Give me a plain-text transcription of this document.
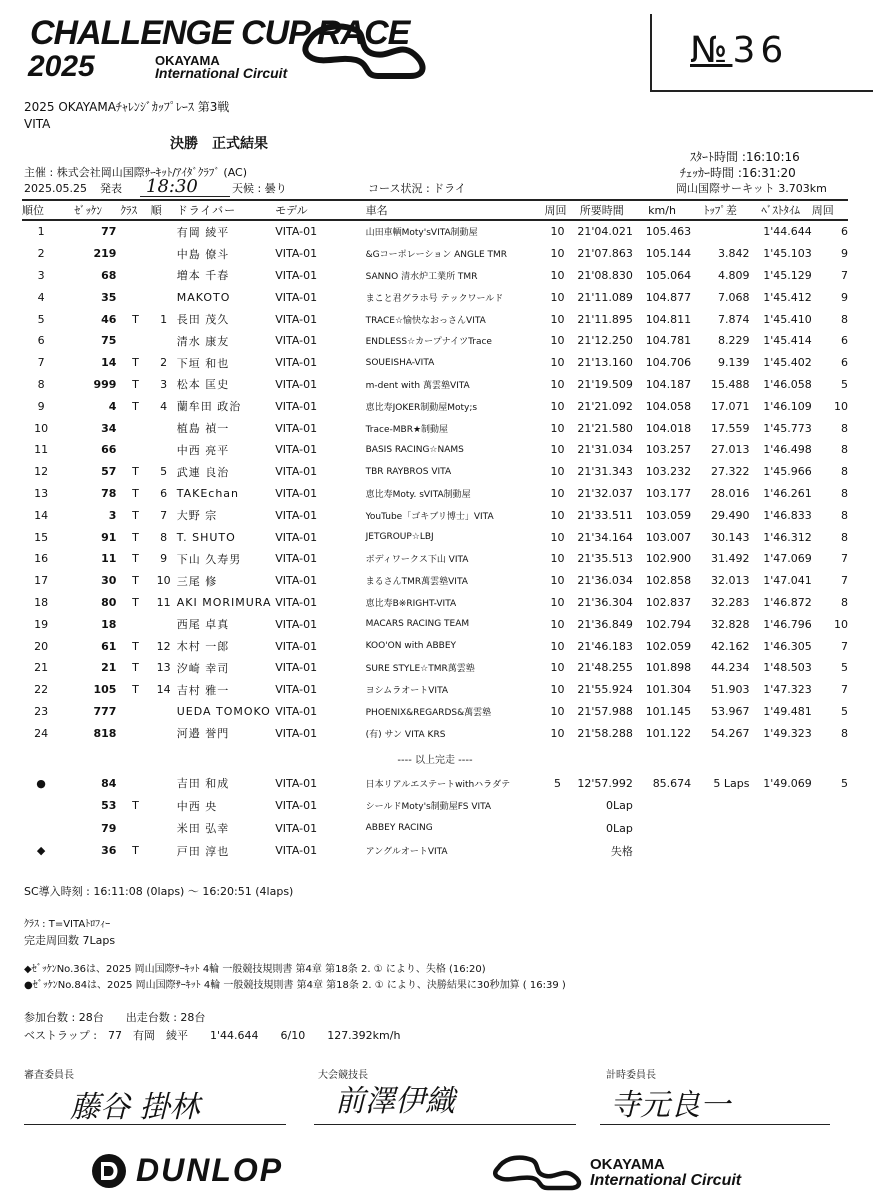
CHALLENGE CUP RACE
2025	OKAYAMA
International Circuit
№36
2025 OKAYAMAﾁｬﾚﾝｼﾞｶｯﾌﾟﾚｰｽ 第3戦
VITA
決勝　正式結果
ｽﾀｰﾄ時間 :16:10:16
ﾁｪｯｶｰ時間 :16:31:20
主催 : 株式会社岡山国際ｻｰｷｯﾄ/ｱｲﾀﾞｸﾗﾌﾞ (AC)
2025.05.25 発表 18:30	天候 : 曇り	コース状況 : ドライ	岡山国際サーキット 3.703km
順位	ｾﾞｯｹﾝ	ｸﾗｽ	順	ドライバー	モデル	車名	周回	所要時間	km/h	ﾄｯﾌﾟ差	ﾍﾞｽﾄﾀｲﾑ	周回
1	77			有岡 綾平	VITA-01	山田車輌Moty'sVITA制動屋	10	21'04.021	105.463		1'44.644	6
2	219			中島 僚斗	VITA-01	&Gコーポレーション ANGLE TMR	10	21'07.863	105.144	3.842	1'45.103	9
3	68			増本 千春	VITA-01	SANNO 清水炉工業所 TMR	10	21'08.830	105.064	4.809	1'45.129	7
4	35			MAKOTO	VITA-01	まこと君グラホ号 テックワールド	10	21'11.089	104.877	7.068	1'45.412	9
5	46	T	1	長田 茂久	VITA-01	TRACE☆愉快なおっさんVITA	10	21'11.895	104.811	7.874	1'45.410	8
6	75			清水 康友	VITA-01	ENDLESS☆カープナイツTrace	10	21'12.250	104.781	8.229	1'45.414	6
7	14	T	2	下垣 和也	VITA-01	SOUEISHA-VITA	10	21'13.160	104.706	9.139	1'45.402	6
8	999	T	3	松本 匡史	VITA-01	m-dent with 萬雲塾VITA	10	21'19.509	104.187	15.488	1'46.058	5
9	4	T	4	蘭牟田 政治	VITA-01	恵比寿JOKER制動屋Moty;s	10	21'21.092	104.058	17.071	1'46.109	10
10	34			植島 禎一	VITA-01	Trace-MBR★制動屋	10	21'21.580	104.018	17.559	1'45.773	8
11	66			中西 亮平	VITA-01	BASIS RACING☆NAMS	10	21'31.034	103.257	27.013	1'46.498	8
12	57	T	5	武連 良治	VITA-01	TBR RAYBROS VITA	10	21'31.343	103.232	27.322	1'45.966	8
13	78	T	6	TAKEchan	VITA-01	恵比寿Moty. sVITA制動屋	10	21'32.037	103.177	28.016	1'46.261	8
14	3	T	7	大野 宗	VITA-01	YouTube「ゴキブリ博士」VITA	10	21'33.511	103.059	29.490	1'46.833	8
15	91	T	8	T. SHUTO	VITA-01	JETGROUP☆LBJ	10	21'34.164	103.007	30.143	1'46.312	8
16	11	T	9	下山 久寿男	VITA-01	ボディワークス下山 VITA	10	21'35.513	102.900	31.492	1'47.069	7
17	30	T	10	三尾 修	VITA-01	まるさんTMR萬雲塾VITA	10	21'36.034	102.858	32.013	1'47.041	7
18	80	T	11	AKI MORIMURA	VITA-01	恵比寿B※RIGHT-VITA	10	21'36.304	102.837	32.283	1'46.872	8
19	18			西尾 卓真	VITA-01	MACARS RACING TEAM	10	21'36.849	102.794	32.828	1'46.796	10
20	61	T	12	木村 一郎	VITA-01	KOO'ON with ABBEY	10	21'46.183	102.059	42.162	1'46.305	7
21	21	T	13	汐崎 幸司	VITA-01	SURE STYLE☆TMR萬雲塾	10	21'48.255	101.898	44.234	1'48.503	5
22	105	T	14	吉村 雅一	VITA-01	ヨシムラオートVITA	10	21'55.924	101.304	51.903	1'47.323	7
23	777			UEDA TOMOKO	VITA-01	PHOENIX&REGARDS&萬雲塾	10	21'57.988	101.145	53.967	1'49.481	5
24	818			河邉 誉門	VITA-01	(有) サン VITA KRS	10	21'58.288	101.122	54.267	1'49.323	8
---- 以上完走 ----												
●	84			吉田 和成	VITA-01	日本リアルエステートwithハラダテ	5	12'57.992	85.674	5 Laps	1'49.069	5
	53	T		中西 央	VITA-01	シールドMoty's制動屋FS VITA		0Lap				
	79			米田 弘幸	VITA-01	ABBEY RACING		0Lap				
◆	36	T		戸田 淳也	VITA-01	アングルオートVITA		失格				
SC導入時刻 : 16:11:08 (0laps) ～ 16:20:51 (4laps)
ｸﾗｽ : T=VITAﾄﾛﾌｨｰ
完走周回数 7Laps
◆ｾﾞｯｹﾝNo.36は、2025 岡山国際ｻｰｷｯﾄ 4輪 一般競技規則書 第4章 第18条 2. ① により、失格 (16:20)
●ｾﾞｯｹﾝNo.84は、2025 岡山国際ｻｰｷｯﾄ 4輪 一般競技規則書 第4章 第18条 2. ① により、決勝結果に30秒加算 ( 16:39 )
参加台数 : 28台　　出走台数 : 28台
ベストラップ :　77　有岡　綾平　　1'44.644　　6/10　　127.392km/h
審査委員長	大会競技長	計時委員長
藤谷 掛林	前澤伊織	寺元良一
DUNLOP	OKAYAMA
International Circuit
